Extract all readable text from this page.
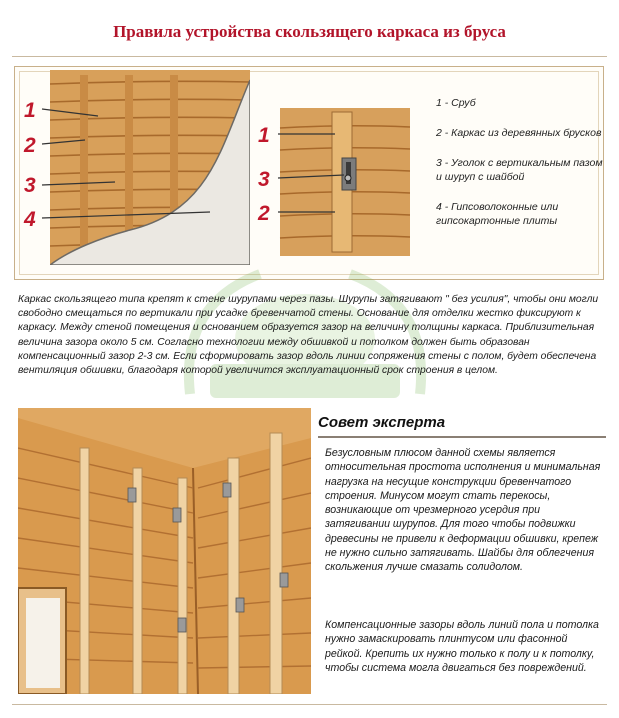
Правила устройства скользящего каркаса из бруса
1
2
3
4
1
3
2
1 - Сруб
2 - Каркас из деревянных брусков
3 - Уголок с вертикальным пазом и шуруп с шайбой
4 - Гипсоволоконные или гипсокартонные плиты
Каркас скользящего типа крепят к стене шурупами через пазы. Шурупы затягивают " без усилия", чтобы они могли свободно смещаться по вертикали при усадке бревенчатой стены. Основание для отделки жестко фиксируют к каркасу. Между стеной помещения и основанием образуется зазор на величину толщины каркаса. Приблизительная величина зазора около 5 см. Согласно технологии между обшивкой и потолком должен быть образован компенсационный зазор 2-3 см. Если сформировать зазор вдоль линии сопряжения стены с полом, будет обеспечена вентиляция обшивки, благодаря которой увеличится эксплуатационный срок строения в целом.
Совет эксперта
Безусловным плюсом данной схемы является относительная простота исполнения и минимальная нагрузка на несущие конструкции бревенчатого строения. Минусом могут стать перекосы, возникающие от чрезмерного усердия при затягивании шурупов. Для того чтобы подвижки древесины не привели к деформации обшивки, крепеж не нужно сильно затягивать. Шайбы для облегчения скольжения лучше смазать солидолом.
Компенсационные зазоры вдоль линий пола и потолка нужно замаскировать плинтусом или фасонной рейкой. Крепить их нужно только к полу и к потолку, чтобы система могла двигаться без повреждений.
